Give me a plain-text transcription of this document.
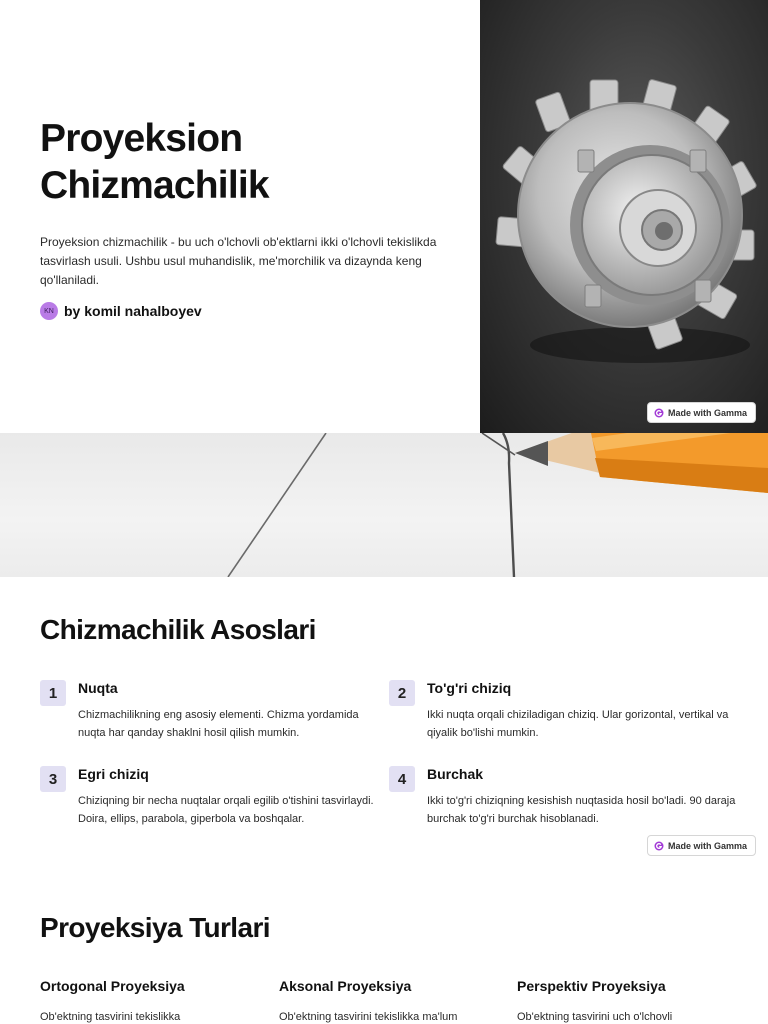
Proyeksion
Chizmachilik

Proyeksion chizmachilik - bu uch o'lchovli ob'ektlarni ikki o'lchovli tekislikda tasvirlash usuli. Ushbu usul muhandislik, me'morchilik va dizaynda keng qo'llaniladi.

KN by komil nahalboyev
Made with Gamma
Chizmachilik Asoslari
1	Nuqta

Chizmachilikning eng asosiy elementi. Chizma yordamida nuqta har qanday shaklni hosil qilish mumkin.

2	To'g'ri chiziq

Ikki nuqta orqali chiziladigan chiziq. Ular gorizontal, vertikal va qiyalik bo'lishi mumkin.

3	Egri chiziq

Chiziqning bir necha nuqtalar orqali egilib o'tishini tasvirlaydi. Doira, ellips, parabola, giperbola va boshqalar.

4	Burchak

Ikki to'g'ri chiziqning kesishish nuqtasida hosil bo'ladi. 90 daraja burchak to'g'ri burchak hisoblanadi.

Made with Gamma
Proyeksiya Turlari
Ortogonal Proyeksiya

Ob'ektning tasvirini tekislikka

Aksonal Proyeksiya

Ob'ektning tasvirini tekislikka ma'lum

Perspektiv Proyeksiya

Ob'ektning tasvirini uch o'lchovli
